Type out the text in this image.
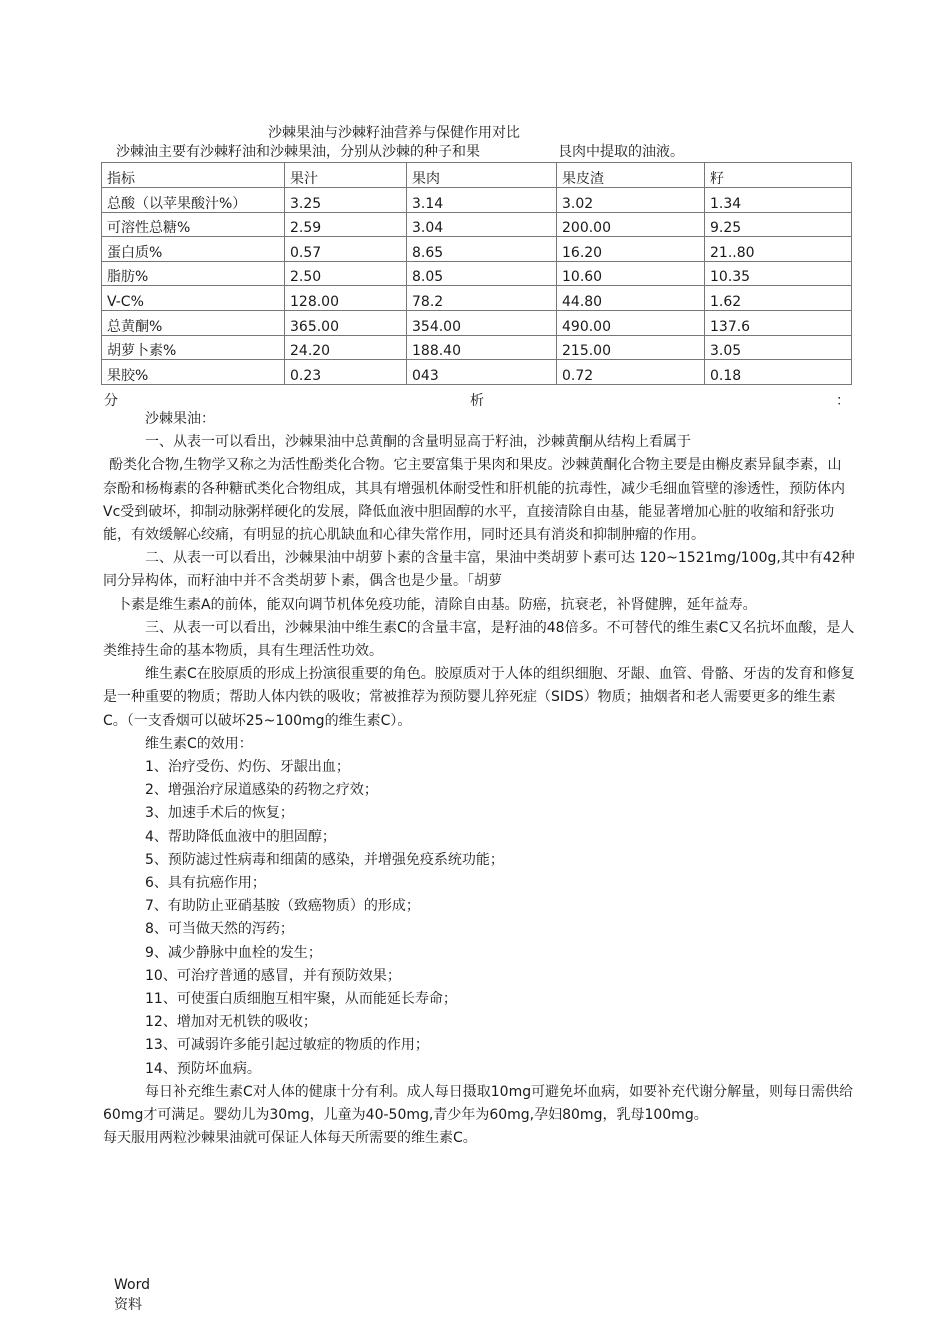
沙棘果油与沙棘籽油营养与保健作用对比
沙棘油主要有沙棘籽油和沙棘果油，分别从沙棘的种子和果	艮肉中提取的油液。
指标	果汁	果肉	果皮渣	籽
总酸（以苹果酸汁%）	3.25	3.14	3.02	1.34
可溶性总糖%	2.59	3.04	200.00	9.25
蛋白质%	0.57	8.65	16.20	21..80
脂肪%	2.50	8.05	10.60	10.35
V-C%	128.00	78.2	44.80	1.62
总黄酮%	365.00	354.00	490.00	137.6
胡萝卜素%	24.20	188.40	215.00	3.05
果胶%	0.23	043	0.72	0.18
分	析	：

沙棘果油：

一、从表一可以看出，沙棘果油中总黄酮的含量明显高于籽油，沙棘黄酮从结构上看属于

酚类化合物,生物学又称之为活性酚类化合物。它主要富集于果肉和果皮。沙棘黄酮化合物主要是由槲皮素异鼠李素，山奈酚和杨梅素的各种糖甙类化合物组成，其具有增强机体耐受性和肝机能的抗毒性，减少毛细血管壁的渗透性，预防体内Vc受到破坏，抑制动脉粥样硬化的发展，降低血液中胆固醇的水平，直接清除自由基，能显著增加心脏的收缩和舒张功能，有效缓解心绞痛，有明显的抗心肌缺血和心律失常作用，同时还具有消炎和抑制肿瘤的作用。

二、从表一可以看出，沙棘果油中胡萝卜素的含量丰富，果油中类胡萝卜素可达 120~1521mg/100g,其中有42种同分异构体，而籽油中并不含类胡萝卜素，偶含也是少量。「胡萝

卜素是维生素A的前体，能双向调节机体免疫功能，清除自由基。防癌，抗衰老，补肾健脾，延年益寿。

三、从表一可以看出，沙棘果油中维生素C的含量丰富，是籽油的48倍多。不可替代的维生素C又名抗坏血酸，是人类维持生命的基本物质，具有生理活性功效。

维生素C在胶原质的形成上扮演很重要的角色。胶原质对于人体的组织细胞、牙龈、血管、骨骼、牙齿的发育和修复是一种重要的物质；帮助人体内铁的吸收；常被推荐为预防婴儿猝死症（SIDS）物质；抽烟者和老人需要更多的维生素C。（一支香烟可以破坏25~100mg的维生素C）。

维生素C的效用：

1、治疗受伤、灼伤、牙龈出血；

2、增强治疗尿道感染的药物之疗效；

3、加速手术后的恢复；

4、帮助降低血液中的胆固醇；

5、预防滤过性病毒和细菌的感染，并增强免疫系统功能；

6、具有抗癌作用；

7、有助防止亚硝基胺（致癌物质）的形成；

8、可当做天然的泻药；

9、减少静脉中血栓的发生；

10、可治疗普通的感冒，并有预防效果；

11、可使蛋白质细胞互相牢聚，从而能延长寿命；

12、增加对无机铁的吸收；

13、可减弱许多能引起过敏症的物质的作用；

14、预防坏血病。

每日补充维生素C对人体的健康十分有利。成人每日摄取10mg可避免坏血病，如要补充代谢分解量，则每日需供给60mg才可满足。婴幼儿为30mg，儿童为40-50mg,青少年为60mg,孕妇80mg，乳母100mg。

每天服用两粒沙棘果油就可保证人体每天所需要的维生素C。

Word资料
